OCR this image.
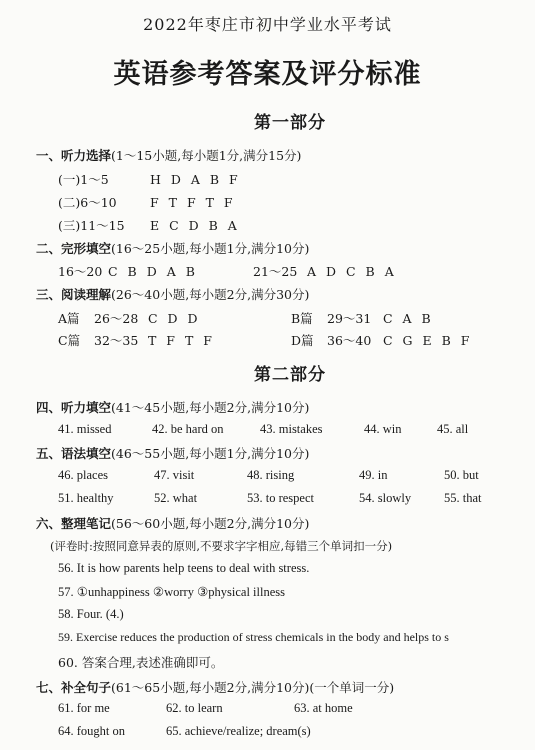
2022年枣庄市初中学业水平考试
英语参考答案及评分标准
第一部分
一、听力选择(1～15小题,每小题1分,满分15分)
(一)1～5	H D A B F
(二)6～10	F T F T F
(三)11～15 E C D B A
二、完形填空(16～25小题,每小题1分,满分10分)
16～20 C B D A B	21～25 A D C B A
三、阅读理解(26～40小题,每小题2分,满分30分)
A篇 26～28 C D D	B篇 29～31 C A B
C篇 32～35 T F T F	D篇 36～40 C G E B F
第二部分
四、听力填空(41～45小题,每小题2分,满分10分)
41. missed	42. be hard on	43. mistakes	44. win	45. all
五、语法填空(46～55小题,每小题1分,满分10分)
46. places	47. visit	48. rising	49. in	50. but
51. healthy	52. what	53. to respect	54. slowly	55. that
六、整理笔记(56～60小题,每小题2分,满分10分)
(评卷时:按照同意异表的原则,不要求字字相应,每错三个单词扣一分)
56. It is how parents help teens to deal with stress.
57. ①unhappiness ②worry ③physical illness
58. Four. (4.)
59. Exercise reduces the production of stress chemicals in the body and helps to s
60. 答案合理,表述准确即可。
七、补全句子(61～65小题,每小题2分,满分10分)(一个单词一分)
61. for me	62. to learn	63. at home
64. fought on	65. achieve/realize; dream(s)
